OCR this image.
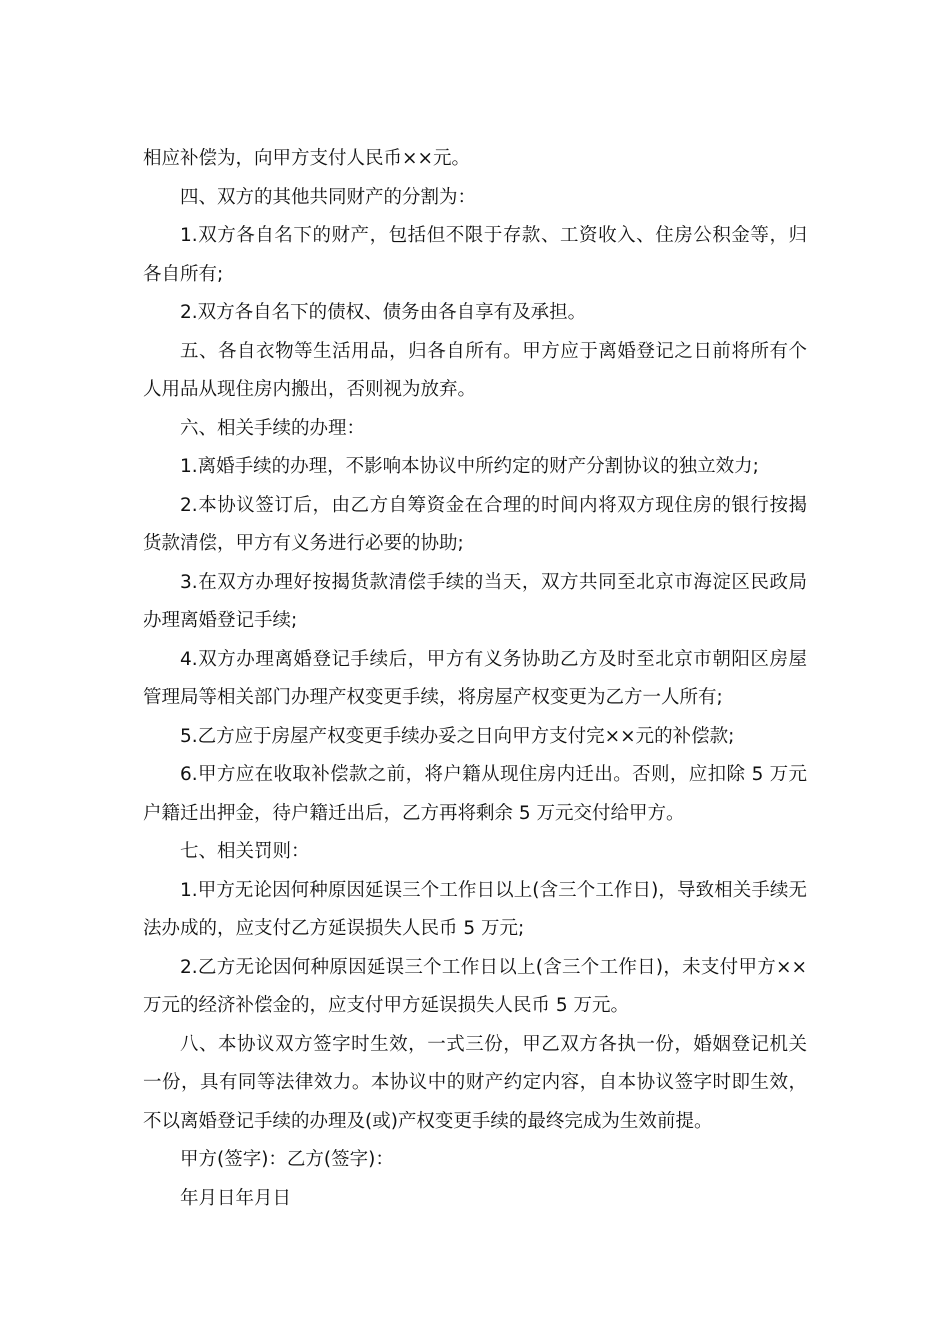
相应补偿为，向甲方支付人民币××元。

四、双方的其他共同财产的分割为：

1.双方各自名下的财产，包括但不限于存款、工资收入、住房公积金等，归各自所有;

2.双方各自名下的债权、债务由各自享有及承担。

五、各自衣物等生活用品，归各自所有。甲方应于离婚登记之日前将所有个人用品从现住房内搬出，否则视为放弃。

六、相关手续的办理：

1.离婚手续的办理，不影响本协议中所约定的财产分割协议的独立效力;

2.本协议签订后，由乙方自筹资金在合理的时间内将双方现住房的银行按揭货款清偿，甲方有义务进行必要的协助;

3.在双方办理好按揭货款清偿手续的当天，双方共同至北京市海淀区民政局办理离婚登记手续;

4.双方办理离婚登记手续后，甲方有义务协助乙方及时至北京市朝阳区房屋管理局等相关部门办理产权变更手续，将房屋产权变更为乙方一人所有;

5.乙方应于房屋产权变更手续办妥之日向甲方支付完××元的补偿款;

6.甲方应在收取补偿款之前，将户籍从现住房内迁出。否则，应扣除 5 万元户籍迁出押金，待户籍迁出后，乙方再将剩余 5 万元交付给甲方。

七、相关罚则：

1.甲方无论因何种原因延误三个工作日以上(含三个工作日)，导致相关手续无法办成的，应支付乙方延误损失人民币 5 万元;

2.乙方无论因何种原因延误三个工作日以上(含三个工作日)，未支付甲方××万元的经济补偿金的，应支付甲方延误损失人民币 5 万元。

八、本协议双方签字时生效，一式三份，甲乙双方各执一份，婚姻登记机关一份，具有同等法律效力。本协议中的财产约定内容，自本协议签字时即生效，不以离婚登记手续的办理及(或)产权变更手续的最终完成为生效前提。

甲方(签字)：乙方(签字)：

年月日年月日
